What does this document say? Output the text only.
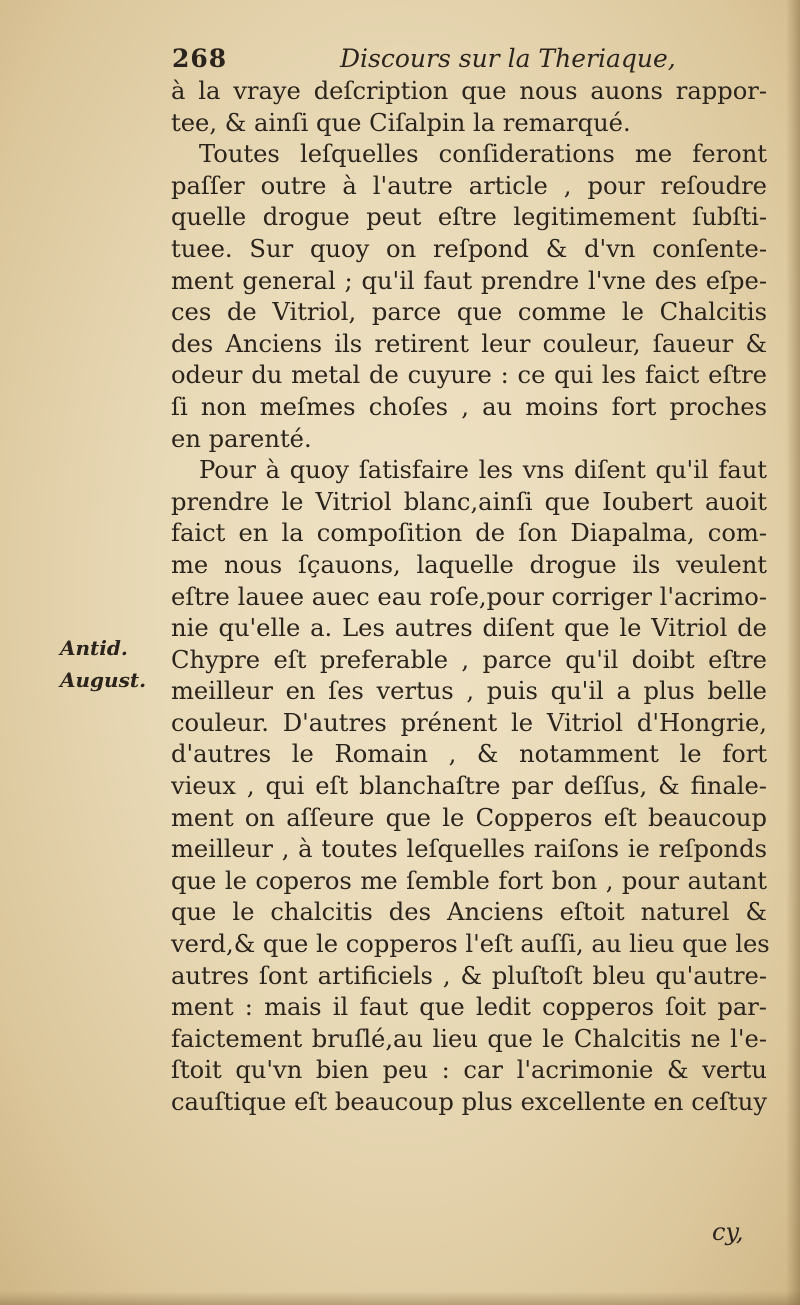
268	Discours sur la Theriaque,
Antid.
August.
à la vraye deſcription que nous auons rappor-
tee, & ainſi que Ciſalpin la remarqué.
Toutes leſquelles conſiderations me feront
paſſer outre à l'autre article , pour reſoudre
quelle drogue peut eſtre legitimement ſubſti-
tuee. Sur quoy on reſpond & d'vn conſente-
ment general ; qu'il faut prendre l'vne des eſpe-
ces de Vitriol, parce que comme le Chalcitis
des Anciens ils retirent leur couleur, ſaueur &
odeur du metal de cuyure : ce qui les faict eſtre
ſi non meſmes choſes , au moins fort proches
en parenté.
Pour à quoy ſatisfaire les vns diſent qu'il faut
prendre le Vitriol blanc,ainſi que Ioubert auoit
faict en la compoſition de ſon Diapalma, com-
me nous ſçauons, laquelle drogue ils veulent
eſtre lauee auec eau roſe,pour corriger l'acrimo-
nie qu'elle a. Les autres diſent que le Vitriol de
Chypre eſt preferable , parce qu'il doibt eſtre
meilleur en ſes vertus , puis qu'il a plus belle
couleur. D'autres prénent le Vitriol d'Hongrie,
d'autres le Romain , & notamment le fort
vieux , qui eſt blanchaſtre par deſſus, & finale-
ment on aſſeure que le Copperos eſt beaucoup
meilleur , à toutes leſquelles raiſons ie reſponds
que le coperos me ſemble fort bon , pour autant
que le chalcitis des Anciens eſtoit naturel &
verd,& que le copperos l'eſt auſſi, au lieu que les
autres ſont artificiels , & pluſtoſt bleu qu'autre-
ment : mais il faut que ledit copperos ſoit par-
faictement bruſlé,au lieu que le Chalcitis ne l'e-
ſtoit qu'vn bien peu : car l'acrimonie & vertu
cauſtique eſt beaucoup plus excellente en ceſtuy
cy,
